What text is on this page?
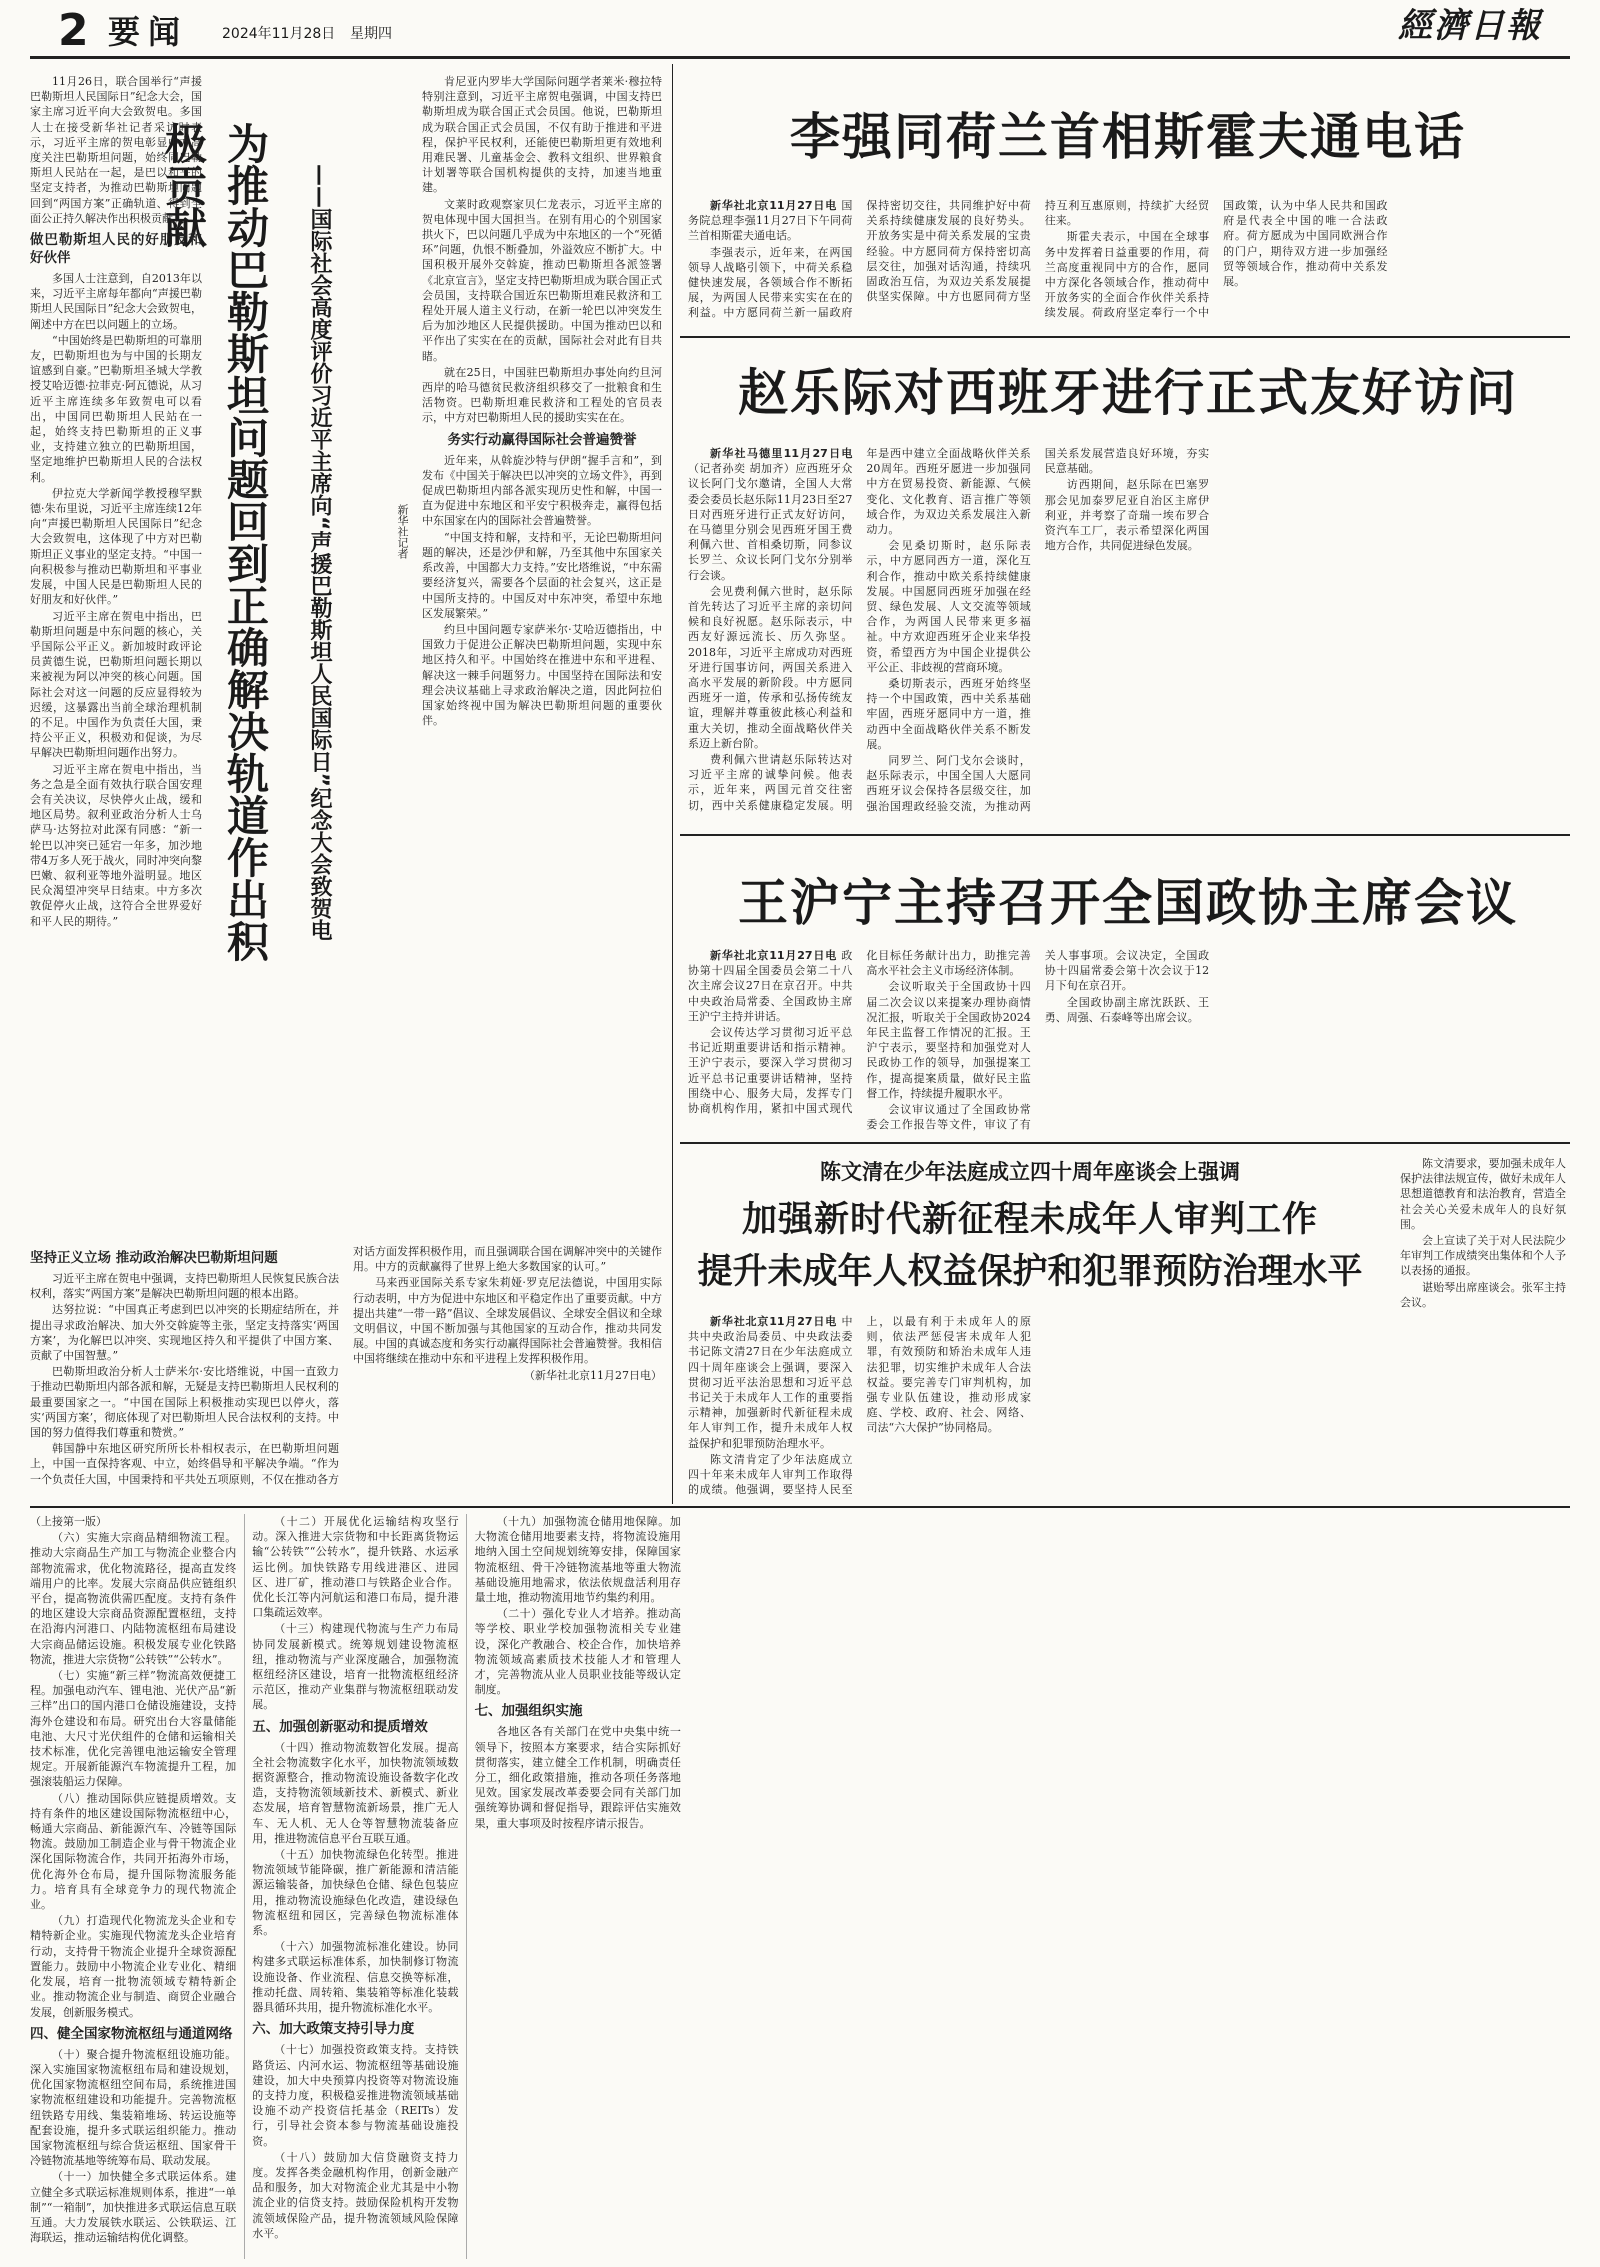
2 要闻 2024年11月28日 星期四	經濟日報
为推动巴勒斯坦问题回到正确解决轨道作出积极贡献	——国际社会高度评价习近平主席向“声援巴勒斯坦人民国际日”纪念大会致贺电	新华社记者

11月26日，联合国举行“声援巴勒斯坦人民国际日”纪念大会，国家主席习近平向大会致贺电。多国人士在接受新华社记者采访时表示，习近平主席的贺电彰显中方高度关注巴勒斯坦问题，始终同巴勒斯坦人民站在一起，是巴以和平的坚定支持者，为推动巴勒斯坦问题回到“两国方案”正确轨道、得到全面公正持久解决作出积极贡献。

做巴勒斯坦人民的好朋友和好伙伴

多国人士注意到，自2013年以来，习近平主席每年都向“声援巴勒斯坦人民国际日”纪念大会致贺电，阐述中方在巴以问题上的立场。

“中国始终是巴勒斯坦的可靠朋友，巴勒斯坦也为与中国的长期友谊感到自豪。”巴勒斯坦圣城大学教授艾哈迈德·拉菲克·阿瓦德说，从习近平主席连续多年致贺电可以看出，中国同巴勒斯坦人民站在一起，始终支持巴勒斯坦的正义事业，支持建立独立的巴勒斯坦国，坚定地维护巴勒斯坦人民的合法权利。

伊拉克大学新闻学教授穆罕默德·朱布里说，习近平主席连续12年向“声援巴勒斯坦人民国际日”纪念大会致贺电，这体现了中方对巴勒斯坦正义事业的坚定支持。“中国一向积极参与推动巴勒斯坦和平事业发展，中国人民是巴勒斯坦人民的好朋友和好伙伴。”

习近平主席在贺电中指出，巴勒斯坦问题是中东问题的核心，关乎国际公平正义。新加坡时政评论员黄德生说，巴勒斯坦问题长期以来被视为阿以冲突的核心问题。国际社会对这一问题的反应显得较为迟缓，这暴露出当前全球治理机制的不足。中国作为负责任大国，秉持公平正义，积极劝和促谈，为尽早解决巴勒斯坦问题作出努力。

习近平主席在贺电中指出，当务之急是全面有效执行联合国安理会有关决议，尽快停火止战，缓和地区局势。叙利亚政治分析人士乌萨马·达努拉对此深有同感：“新一轮巴以冲突已延宕一年多，加沙地带4万多人死于战火，同时冲突向黎巴嫩、叙利亚等地外溢明显。地区民众渴望冲突早日结束。中方多次敦促停火止战，这符合全世界爱好和平人民的期待。”

肯尼亚内罗毕大学国际问题学者莱米·穆拉特特别注意到，习近平主席贺电强调，中国支持巴勒斯坦成为联合国正式会员国。他说，巴勒斯坦成为联合国正式会员国，不仅有助于推进和平进程，保护平民权利，还能使巴勒斯坦更有效地利用难民署、儿童基金会、教科文组织、世界粮食计划署等联合国机构提供的支持，加速当地重建。

文莱时政观察家贝仁龙表示，习近平主席的贺电体现中国大国担当。在别有用心的个别国家拱火下，巴以问题几乎成为中东地区的一个“死循环”问题，仇恨不断叠加，外溢效应不断扩大。中国积极开展外交斡旋，推动巴勒斯坦各派签署《北京宣言》，坚定支持巴勒斯坦成为联合国正式会员国，支持联合国近东巴勒斯坦难民救济和工程处开展人道主义行动，在新一轮巴以冲突发生后为加沙地区人民提供援助。中国为推动巴以和平作出了实实在在的贡献，国际社会对此有目共睹。

就在25日，中国驻巴勒斯坦办事处向约旦河西岸的哈马德贫民救济组织移交了一批粮食和生活物资。巴勒斯坦难民救济和工程处的官员表示，中方对巴勒斯坦人民的援助实实在在。

务实行动赢得国际社会普遍赞誉

近年来，从斡旋沙特与伊朗“握手言和”，到发布《中国关于解决巴以冲突的立场文件》，再到促成巴勒斯坦内部各派实现历史性和解，中国一直为促进中东地区和平安宁积极奔走，赢得包括中东国家在内的国际社会普遍赞誉。

“中国支持和解，支持和平，无论巴勒斯坦问题的解决，还是沙伊和解，乃至其他中东国家关系改善，中国都大力支持。”安比塔维说，“中东需要经济复兴，需要各个层面的社会复兴，这正是中国所支持的。中国反对中东冲突，希望中东地区发展繁荣。”

约旦中国问题专家萨米尔·艾哈迈德指出，中国致力于促进公正解决巴勒斯坦问题，实现中东地区持久和平。中国始终在推进中东和平进程、解决这一棘手问题努力。中国坚持在国际法和安理会决议基础上寻求政治解决之道，因此阿拉伯国家始终视中国为解决巴勒斯坦问题的重要伙伴。

坚持正义立场 推动政治解决巴勒斯坦问题

习近平主席在贺电中强调，支持巴勒斯坦人民恢复民族合法权利，落实“两国方案”是解决巴勒斯坦问题的根本出路。

达努拉说：“中国真正考虑到巴以冲突的长期症结所在，并提出寻求政治解决、加大外交斡旋等主张，坚定支持落实‘两国方案’，为化解巴以冲突、实现地区持久和平提供了中国方案、贡献了中国智慧。”

巴勒斯坦政治分析人士萨米尔·安比塔维说，中国一直致力于推动巴勒斯坦内部各派和解，无疑是支持巴勒斯坦人民权利的最重要国家之一。“中国在国际上积极推动实现巴以停火，落实‘两国方案’，彻底体现了对巴勒斯坦人民合法权利的支持。中国的努力值得我们尊重和赞赏。”

韩国静中东地区研究所所长朴相权表示，在巴勒斯坦问题上，中国一直保持客观、中立，始终倡导和平解决争端。“作为一个负责任大国，中国秉持和平共处五项原则，不仅在推动各方对话方面发挥积极作用，而且强调联合国在调解冲突中的关键作用。中方的贡献赢得了世界上绝大多数国家的认可。”

马来西亚国际关系专家朱莉娅·罗克尼法德说，中国用实际行动表明，中方为促进中东地区和平稳定作出了重要贡献。中方提出共建“一带一路”倡议、全球发展倡议、全球安全倡议和全球文明倡议，中国不断加强与其他国家的互动合作，推动共同发展。中国的真诚态度和务实行动赢得国际社会普遍赞誉。我相信中国将继续在推动中东和平进程上发挥积极作用。

（新华社北京11月27日电）

李强同荷兰首相斯霍夫通电话

新华社北京11月27日电 国务院总理李强11月27日下午同荷兰首相斯霍夫通电话。

李强表示，近年来，在两国领导人战略引领下，中荷关系稳健快速发展，各领域合作不断拓展，为两国人民带来实实在在的利益。中方愿同荷兰新一届政府保持密切交往，共同维护好中荷关系持续健康发展的良好势头。开放务实是中荷关系发展的宝贵经验。中方愿同荷方保持密切高层交往，加强对话沟通，持续巩固政治互信，为双边关系发展提供坚实保障。中方也愿同荷方坚持互利互惠原则，持续扩大经贸往来。

斯霍夫表示，中国在全球事务中发挥着日益重要的作用，荷兰高度重视同中方的合作，愿同中方深化各领域合作，推动荷中开放务实的全面合作伙伴关系持续发展。荷政府坚定奉行一个中国政策，认为中华人民共和国政府是代表全中国的唯一合法政府。荷方愿成为中国同欧洲合作的门户，期待双方进一步加强经贸等领域合作，推动荷中关系发展。

赵乐际对西班牙进行正式友好访问

新华社马德里11月27日电 （记者孙奕 胡加齐）应西班牙众议长阿门戈尔邀请，全国人大常委会委员长赵乐际11月23日至27日对西班牙进行正式友好访问，在马德里分别会见西班牙国王费利佩六世、首相桑切斯，同参议长罗兰、众议长阿门戈尔分别举行会谈。

会见费利佩六世时，赵乐际首先转达了习近平主席的亲切问候和良好祝愿。赵乐际表示，中西友好源远流长、历久弥坚。2018年，习近平主席成功对西班牙进行国事访问，两国关系进入高水平发展的新阶段。中方愿同西班牙一道，传承和弘扬传统友谊，理解并尊重彼此核心利益和重大关切，推动全面战略伙伴关系迈上新台阶。

费利佩六世请赵乐际转达对习近平主席的诚挚问候。他表示，近年来，两国元首交往密切，西中关系健康稳定发展。明年是西中建立全面战略伙伴关系20周年。西班牙愿进一步加强同中方在贸易投资、新能源、气候变化、文化教育、语言推广等领域合作，为双边关系发展注入新动力。

会见桑切斯时，赵乐际表示，中方愿同西方一道，深化互利合作，推动中欧关系持续健康发展。中国愿同西班牙加强在经贸、绿色发展、人文交流等领域合作，为两国人民带来更多福祉。中方欢迎西班牙企业来华投资，希望西方为中国企业提供公平公正、非歧视的营商环境。

桑切斯表示，西班牙始终坚持一个中国政策，西中关系基础牢固，西班牙愿同中方一道，推动西中全面战略伙伴关系不断发展。

同罗兰、阿门戈尔会谈时，赵乐际表示，中国全国人大愿同西班牙议会保持各层级交往，加强治国理政经验交流，为推动两国关系发展营造良好环境，夯实民意基础。

访西期间，赵乐际在巴塞罗那会见加泰罗尼亚自治区主席伊利亚，并考察了奇瑞一埃布罗合资汽车工厂，表示希望深化两国地方合作，共同促进绿色发展。

王沪宁主持召开全国政协主席会议

新华社北京11月27日电 政协第十四届全国委员会第二十八次主席会议27日在京召开。中共中央政治局常委、全国政协主席王沪宁主持并讲话。

会议传达学习贯彻习近平总书记近期重要讲话和指示精神。王沪宁表示，要深入学习贯彻习近平总书记重要讲话精神，坚持围绕中心、服务大局，发挥专门协商机构作用，紧扣中国式现代化目标任务献计出力，助推完善高水平社会主义市场经济体制。

会议听取关于全国政协十四届二次会议以来提案办理协商情况汇报，听取关于全国政协2024年民主监督工作情况的汇报。王沪宁表示，要坚持和加强党对人民政协工作的领导，加强提案工作，提高提案质量，做好民主监督工作，持续提升履职水平。

会议审议通过了全国政协常委会工作报告等文件，审议了有关人事事项。会议决定，全国政协十四届常委会第十次会议于12月下旬在京召开。

全国政协副主席沈跃跃、王勇、周强、石泰峰等出席会议。

陈文清在少年法庭成立四十周年座谈会上强调
加强新时代新征程未成年人审判工作
提升未成年人权益保护和犯罪预防治理水平

新华社北京11月27日电 中共中央政治局委员、中央政法委书记陈文清27日在少年法庭成立四十周年座谈会上强调，要深入贯彻习近平法治思想和习近平总书记关于未成年人工作的重要指示精神，加强新时代新征程未成年人审判工作，提升未成年人权益保护和犯罪预防治理水平。

陈文清肯定了少年法庭成立四十年来未成年人审判工作取得的成绩。他强调，要坚持人民至上，以最有利于未成年人的原则，依法严惩侵害未成年人犯罪，有效预防和矫治未成年人违法犯罪，切实维护未成年人合法权益。要完善专门审判机构，加强专业队伍建设，推动形成家庭、学校、政府、社会、网络、司法“六大保护”协同格局。

陈文清要求，要加强未成年人保护法律法规宣传，做好未成年人思想道德教育和法治教育，营造全社会关心关爱未成年人的良好氛围。

会上宣读了关于对人民法院少年审判工作成绩突出集体和个人予以表扬的通报。

谌贻琴出席座谈会。张军主持会议。

（上接第一版）

（六）实施大宗商品精细物流工程。推动大宗商品生产加工与物流企业整合内部物流需求，优化物流路径，提高直发终端用户的比率。发展大宗商品供应链组织平台，提高物流供需匹配度。支持有条件的地区建设大宗商品资源配置枢纽，支持在沿海内河港口、内陆物流枢纽布局建设大宗商品储运设施。积极发展专业化铁路物流，推进大宗货物“公转铁”“公转水”。

（七）实施“新三样”物流高效便捷工程。加强电动汽车、锂电池、光伏产品“新三样”出口的国内港口仓储设施建设，支持海外仓建设和布局。研究出台大容量储能电池、大尺寸光伏组件的仓储和运输相关技术标准，优化完善锂电池运输安全管理规定。开展新能源汽车物流提升工程，加强滚装船运力保障。

（八）推动国际供应链提质增效。支持有条件的地区建设国际物流枢纽中心，畅通大宗商品、新能源汽车、冷链等国际物流。鼓励加工制造企业与骨干物流企业深化国际物流合作，共同开拓海外市场，优化海外仓布局，提升国际物流服务能力。培育具有全球竞争力的现代物流企业。

（九）打造现代化物流龙头企业和专精特新企业。实施现代物流龙头企业培育行动，支持骨干物流企业提升全球资源配置能力。鼓励中小物流企业专业化、精细化发展，培育一批物流领域专精特新企业。推动物流企业与制造、商贸企业融合发展，创新服务模式。

四、健全国家物流枢纽与通道网络

（十）聚合提升物流枢纽设施功能。深入实施国家物流枢纽布局和建设规划，优化国家物流枢纽空间布局，系统推进国家物流枢纽建设和功能提升。完善物流枢纽铁路专用线、集装箱堆场、转运设施等配套设施，提升多式联运组织能力。推动国家物流枢纽与综合货运枢纽、国家骨干冷链物流基地等统筹布局、联动发展。

（十一）加快健全多式联运体系。建立健全多式联运标准规则体系，推进“一单制”“一箱制”，加快推进多式联运信息互联互通。大力发展铁水联运、公铁联运、江海联运，推动运输结构优化调整。

（十二）开展优化运输结构攻坚行动。深入推进大宗货物和中长距离货物运输“公转铁”“公转水”，提升铁路、水运承运比例。加快铁路专用线进港区、进园区、进厂矿，推动港口与铁路企业合作。优化长江等内河航运和港口布局，提升港口集疏运效率。

（十三）构建现代物流与生产力布局协同发展新模式。统筹规划建设物流枢纽，推动物流与产业深度融合，加强物流枢纽经济区建设，培育一批物流枢纽经济示范区，推动产业集群与物流枢纽联动发展。

五、加强创新驱动和提质增效

（十四）推动物流数智化发展。提高全社会物流数字化水平，加快物流领域数据资源整合，推动物流设施设备数字化改造，支持物流领域新技术、新模式、新业态发展，培育智慧物流新场景，推广无人车、无人机、无人仓等智慧物流装备应用，推进物流信息平台互联互通。

（十五）加快物流绿色化转型。推进物流领域节能降碳，推广新能源和清洁能源运输装备，加快绿色仓储、绿色包装应用，推动物流设施绿色化改造，建设绿色物流枢纽和园区，完善绿色物流标准体系。

（十六）加强物流标准化建设。协同构建多式联运标准体系，加快制修订物流设施设备、作业流程、信息交换等标准，推动托盘、周转箱、集装箱等标准化装载器具循环共用，提升物流标准化水平。

六、加大政策支持引导力度

（十七）加强投资政策支持。支持铁路货运、内河水运、物流枢纽等基础设施建设，加大中央预算内投资等对物流设施的支持力度，积极稳妥推进物流领域基础设施不动产投资信托基金（REITs）发行，引导社会资本参与物流基础设施投资。

（十八）鼓励加大信贷融资支持力度。发挥各类金融机构作用，创新金融产品和服务，加大对物流企业尤其是中小物流企业的信贷支持。鼓励保险机构开发物流领域保险产品，提升物流领域风险保障水平。

（十九）加强物流仓储用地保障。加大物流仓储用地要素支持，将物流设施用地纳入国土空间规划统筹安排，保障国家物流枢纽、骨干冷链物流基地等重大物流基础设施用地需求，依法依规盘活利用存量土地，推动物流用地节约集约利用。

（二十）强化专业人才培养。推动高等学校、职业学校加强物流相关专业建设，深化产教融合、校企合作，加快培养物流领域高素质技术技能人才和管理人才，完善物流从业人员职业技能等级认定制度。

七、加强组织实施

各地区各有关部门在党中央集中统一领导下，按照本方案要求，结合实际抓好贯彻落实，建立健全工作机制，明确责任分工，细化政策措施，推动各项任务落地见效。国家发展改革委要会同有关部门加强统筹协调和督促指导，跟踪评估实施效果，重大事项及时按程序请示报告。
